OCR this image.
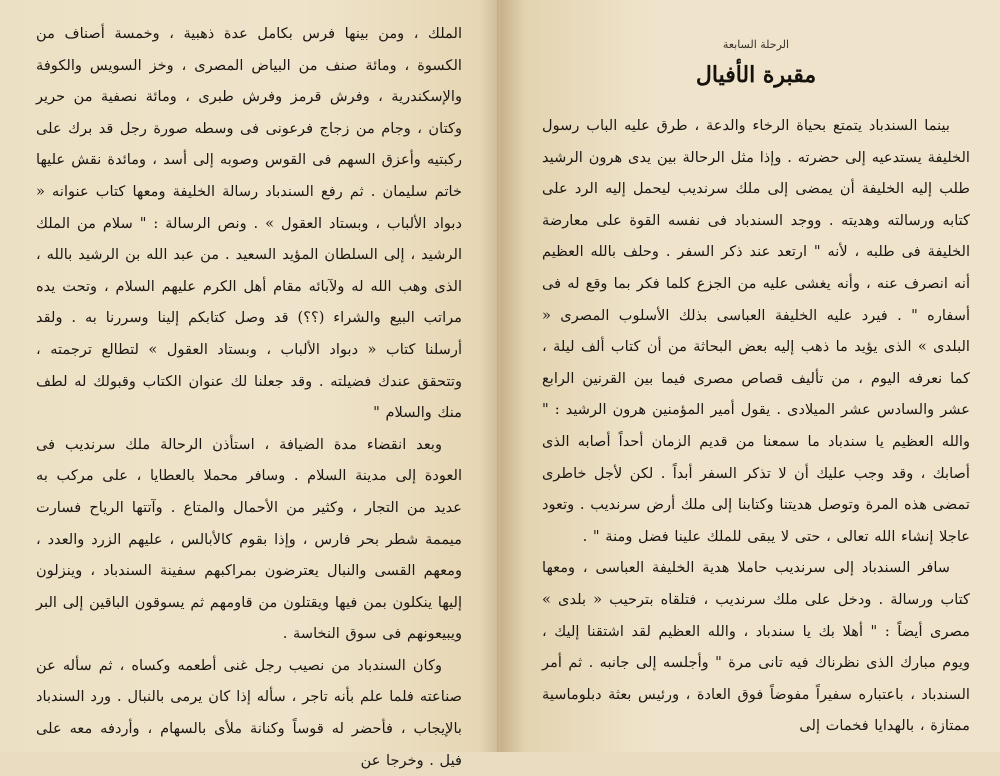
الملك ، ومن بينها فرس بكامل عدة ذهبية ، وخمسة أصناف من الكسوة ، ومائة صنف من البياض المصرى ، وخز السويس والكوفة والإسكندرية ، وفرش قرمز وفرش طبرى ، ومائة نصفية من حرير وكتان ، وجام من زجاج فرعونى فى وسطه صورة رجل قد برك على ركبتيه وأعزق السهم فى القوس وصوبه إلى أسد ، ومائدة نقش عليها خاتم سليمان . ثم رفع السندباد رسالة الخليفة ومعها كتاب عنوانه « دبواد الألباب ، وبستاد العقول » . ونص الرسالة : " سلام من الملك الرشيد ، إلى السلطان المؤيد السعيد . من عبد الله بن الرشيد بالله ، الذى وهب الله له ولآبائه مقام أهل الكرم عليهم السلام ، وتحت يده مراتب البيع والشراء (؟؟) قد وصل كتابكم إلينا وسررنا به . ولقد أرسلنا كتاب « دبواد الألباب ، وبستاد العقول » لتطالع ترجمته ، وتتحقق عندك فضيلته . وقد جعلنا لك عنوان الكتاب وقبولك له لطف منك والسلام "

وبعد انقضاء مدة الضيافة ، استأذن الرحالة ملك سرنديب فى العودة إلى مدينة السلام . وسافر محملا بالعطايا ، على مركب به عديد من التجار ، وكثير من الأحمال والمتاع . وآتتها الرياح فسارت ميممة شطر بحر فارس ، وإذا بقوم كالأبالس ، عليهم الزرد والعدد ، ومعهم القسى والنبال يعترضون بمراكبهم سفينة السندباد ، وينزلون إليها ينكلون بمن فيها ويقتلون من قاومهم ثم يسوقون الباقين إلى البر ويبيعونهم فى سوق النخاسة .

وكان السندباد من نصيب رجل غنى أطعمه وكساه ، ثم سأله عن صناعته فلما علم بأنه تاجر ، سأله إذا كان يرمى بالنبال . ورد السندباد بالإيجاب ، فأحضر له قوساً وكنانة ملأى بالسهام ، وأردفه معه على فيل . وخرجا عن

الرحلة السابعة
مقبرة الأفيال

بينما السندباد يتمتع بحياة الرخاء والدعة ، طرق عليه الباب رسول الخليفة يستدعيه إلى حضرته . وإذا مثل الرحالة بين يدى هرون الرشيد طلب إليه الخليفة أن يمضى إلى ملك سرنديب ليحمل إليه الرد على كتابه ورسالته وهديته . ووجد السندباد فى نفسه القوة على معارضة الخليفة فى طلبه ، لأنه " ارتعد عند ذكر السفر . وحلف بالله العظيم أنه انصرف عنه ، وأنه يغشى عليه من الجزع كلما فكر بما وقع له فى أسفاره " . فيرد عليه الخليفة العباسى بذلك الأسلوب المصرى « البلدى » الذى يؤيد ما ذهب إليه بعض البحاثة من أن كتاب ألف ليلة ، كما نعرفه اليوم ، من تأليف قصاص مصرى فيما بين القرنين الرابع عشر والسادس عشر الميلادى . يقول أمير المؤمنين هرون الرشيد : " والله العظيم يا سندباد ما سمعنا من قديم الزمان أحداً أصابه الذى أصابك ، وقد وجب عليك أن لا تذكر السفر أبداً . لكن لأجل خاطرى تمضى هذه المرة وتوصل هديتنا وكتابنا إلى ملك أرض سرنديب . وتعود عاجلا إنشاء الله تعالى ، حتى لا يبقى للملك علينا فضل ومنة " .

سافر السندباد إلى سرنديب حاملا هدية الخليفة العباسى ، ومعها كتاب ورسالة . ودخل على ملك سرنديب ، فتلقاه بترحيب « بلدى » مصرى أيضاً : " أهلا بك يا سندباد ، والله العظيم لقد اشتقنا إليك ، ويوم مبارك الذى نظرناك فيه تانى مرة " وأجلسه إلى جانبه . ثم أمر السندباد ، باعتباره سفيراً مفوضاً فوق العادة ، ورئيس بعثة دبلوماسية ممتازة ، بالهدايا فخمات إلى
